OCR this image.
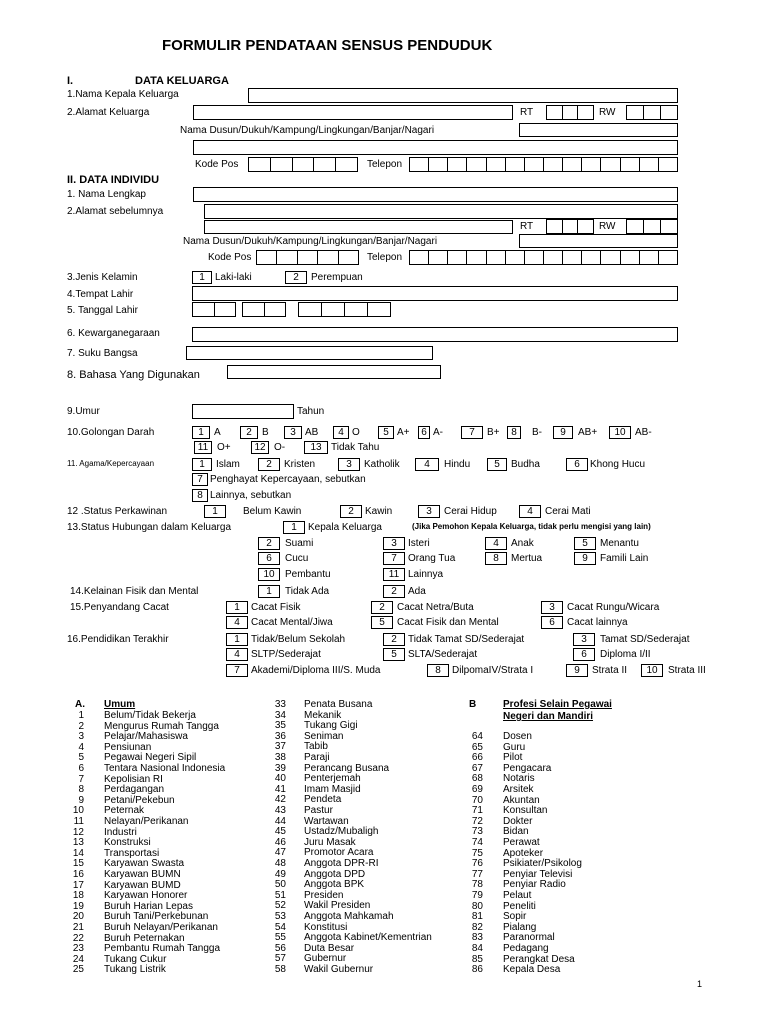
FORMULIR PENDATAAN SENSUS PENDUDUK
I.	DATA KELUARGA
1.Nama Kepala Keluarga
2.Alamat Keluarga	RT	RW
Nama Dusun/Dukuh/Kampung/Lingkungan/Banjar/Nagari
Kode Pos	Telepon
II. DATA INDIVIDU
1. Nama Lengkap
2.Alamat sebelumnya
RT	RW
Nama Dusun/Dukuh/Kampung/Lingkungan/Banjar/Nagari
Kode Pos	Telepon
3.Jenis Kelamin	1	Laki-laki	2	Perempuan
4.Tempat Lahir
5. Tanggal Lahir
6. Kewarganegaraan
7. Suku Bangsa
8. Bahasa Yang Digunakan
9.Umur	Tahun
10.Golongan Darah	1	A	2	B	3 AB	4 O	5 A+	6 A-	7	B+	8	B-	9	AB+	10 AB-
11 O+	12 O-	13 Tidak Tahu
11. Agama/Kepercayaan	1	Islam	2	Kristen	3	Katholik	4	Hindu	5	Budha	6	Khong Hucu
7 Penghayat Kepercayaan, sebutkan
8 Lainnya, sebutkan
12 .Status Perkawinan	1	Belum Kawin	2	Kawin	3	Cerai Hidup	4	Cerai Mati
13.Status Hubungan dalam Keluarga	(Jika Pemohon Kepala Keluarga, tidak perlu mengisi yang lain)
1	Kepala Keluarga
2	Suami	3	Isteri	4	Anak	5	Menantu
6	Cucu	7	Orang Tua	8	Mertua	9	Famili Lain
10	Pembantu	11 Lainnya
14.Kelainan Fisik dan Mental	1	Tidak Ada	2	Ada
15.Penyandang Cacat	1	Cacat Fisik	2	Cacat Netra/Buta	3	Cacat Rungu/Wicara
4	Cacat Mental/Jiwa	5	Cacat Fisik dan Mental	6	Cacat lainnya
16.Pendidikan Terakhir	1	Tidak/Belum Sekolah	2	Tidak Tamat SD/Sederajat	3	Tamat SD/Sederajat
4	SLTP/Sederajat	5	SLTA/Sederajat	6	Diploma I/II
7	Akademi/Diploma III/S. Muda	8	DilpomaIV/Strata I	9	Strata II	10	Strata III
A. Umum	B	Profesi Selain Pegawai
Negeri dan Mandiri
1 Belum/Tidak Bekerja
2 Mengurus Rumah Tangga
3 Pelajar/Mahasiswa
4 Pensiunan
5 Pegawai Negeri Sipil
6 Tentara Nasional Indonesia
7 Kepolisian RI
8 Perdagangan
9 Petani/Pekebun
10 Peternak
11 Nelayan/Perikanan
12 Industri
13 Konstruksi
14 Transportasi
15 Karyawan Swasta
16 Karyawan BUMN
17 Karyawan BUMD
18 Karyawan Honorer
19 Buruh Harian Lepas
20 Buruh Tani/Perkebunan
21 Buruh Nelayan/Perikanan
22 Buruh Peternakan
23 Pembantu Rumah Tangga
24 Tukang Cukur
25 Tukang Listrik
33 Penata Busana
34 Mekanik
35 Tukang Gigi
36 Seniman
37 Tabib
38 Paraji
39 Perancang Busana
40 Penterjemah
41 Imam Masjid
42 Pendeta
43 Pastur
44 Wartawan
45 Ustadz/Mubaligh
46 Juru Masak
47 Promotor Acara
48 Anggota DPR-RI
49 Anggota DPD
50 Anggota BPK
51 Presiden
52 Wakil Presiden
53 Anggota Mahkamah
54 Konstitusi
55 Anggota Kabinet/Kementrian
56 Duta Besar
57 Gubernur
58 Wakil Gubernur
64 Dosen
65 Guru
66 Pilot
67 Pengacara
68 Notaris
69 Arsitek
70 Akuntan
71 Konsultan
72 Dokter
73 Bidan
74 Perawat
75 Apoteker
76 Psikiater/Psikolog
77 Penyiar Televisi
78 Penyiar Radio
79 Pelaut
80 Peneliti
81 Sopir
82 Pialang
83 Paranormal
84 Pedagang
85 Perangkat Desa
86 Kepala Desa
1
